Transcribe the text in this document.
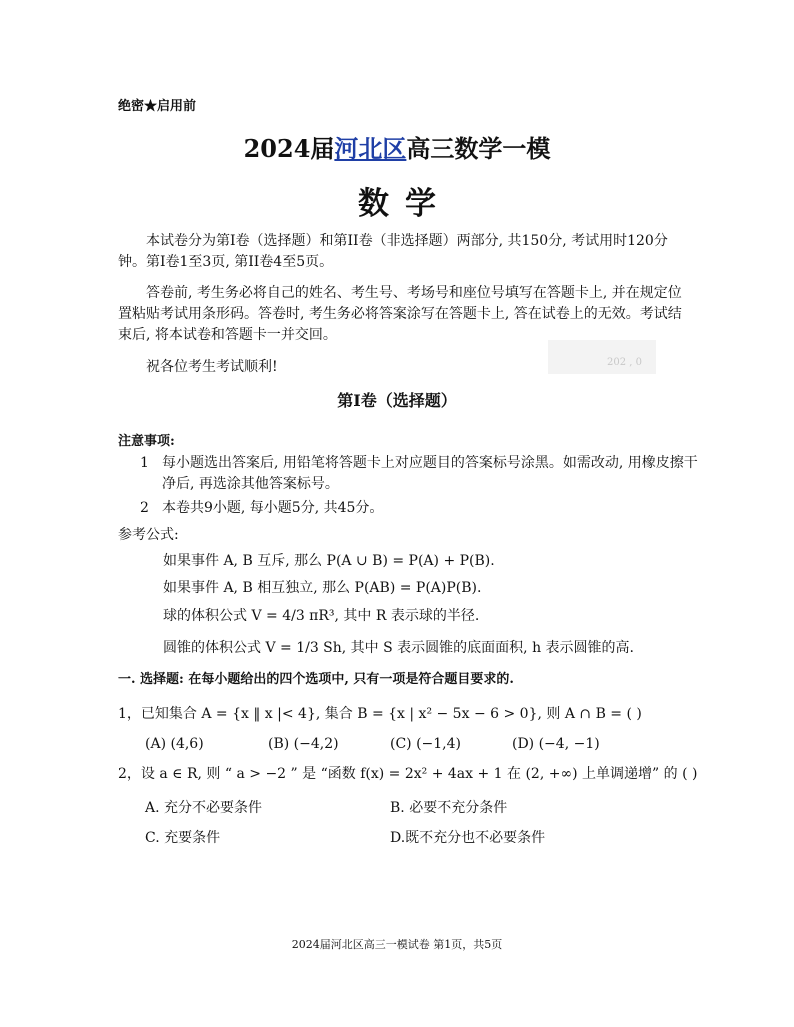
绝密★启用前
2024届河北区高三数学一模
数学
本试卷分为第I卷（选择题）和第II卷（非选择题）两部分, 共150分, 考试用时120分钟。第I卷1至3页, 第II卷4至5页。
答卷前, 考生务必将自己的姓名、考生号、考场号和座位号填写在答题卡上, 并在规定位置粘贴考试用条形码。答卷时, 考生务必将答案涂写在答题卡上, 答在试卷上的无效。考试结束后, 将本试卷和答题卡一并交回。
202 , 0
祝各位考生考试顺利!
第I卷（选择题）
注意事项:
1 每小题选出答案后, 用铅笔将答题卡上对应题目的答案标号涂黑。如需改动, 用橡皮擦干净后, 再选涂其他答案标号。
2 本卷共9小题, 每小题5分, 共45分。
参考公式:
如果事件 A, B 互斥, 那么 P(A ∪ B) = P(A) + P(B).
如果事件 A, B 相互独立, 那么 P(AB) = P(A)P(B).
球的体积公式 V = 4/3 πR³, 其中 R 表示球的半径.
圆锥的体积公式 V = 1/3 Sh, 其中 S 表示圆锥的底面面积, h 表示圆锥的高.
一. 选择题: 在每小题给出的四个选项中, 只有一项是符合题目要求的.
1，已知集合 A = {x ‖ x |< 4}, 集合 B = {x | x² − 5x − 6 > 0}, 则 A ∩ B = ( )
(A) (4,6)	(B) (−4,2)	(C) (−1,4)	(D) (−4, −1)
2，设 a ∈ R, 则 “ a > −2 ” 是 “函数 f(x) = 2x² + 4ax + 1 在 (2, +∞) 上单调递增” 的 ( )
A. 充分不必要条件	B. 必要不充分条件
C. 充要条件	D.既不充分也不必要条件
2024届河北区高三一模试卷 第1页，共5页
